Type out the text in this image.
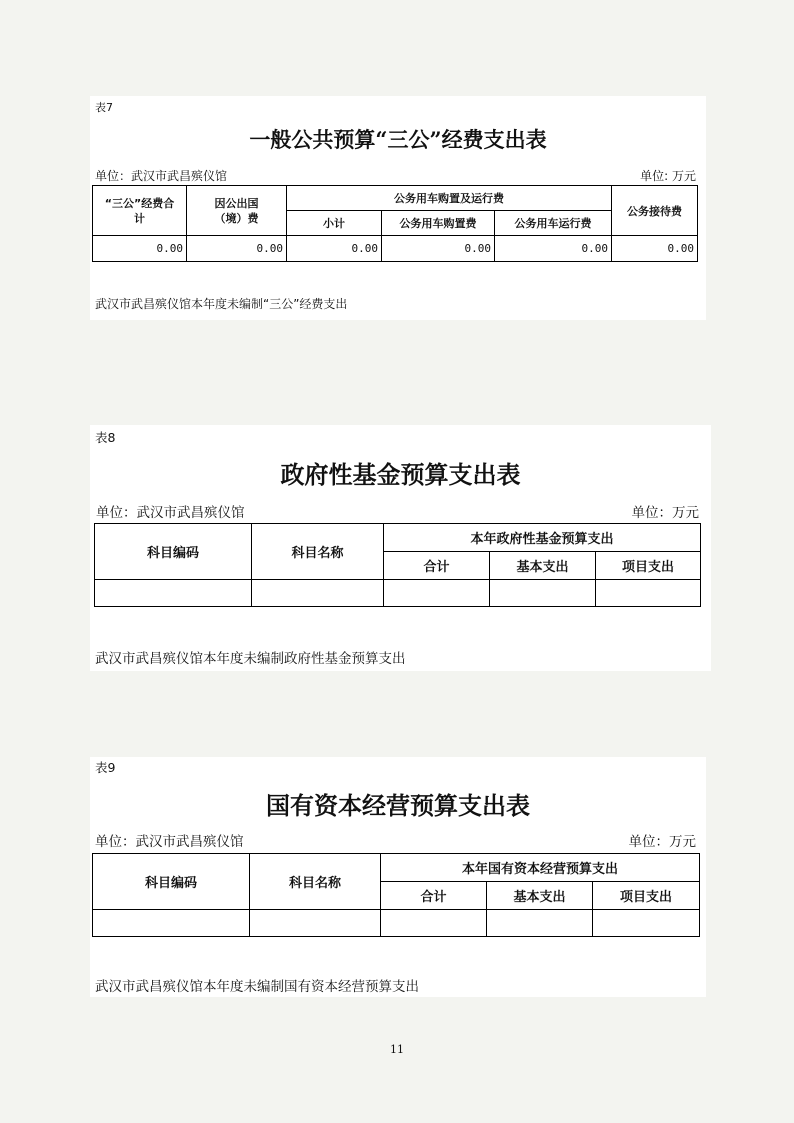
表7
一般公共预算“三公”经费支出表
单位：武汉市武昌殡仪馆	单位: 万元
“三公”经费合计	因公出国（境）费	公务用车购置及运行费			公务接待费
		小计	公务用车购置费	公务用车运行费	
0.00	0.00	0.00	0.00	0.00	0.00
武汉市武昌殡仪馆本年度未编制“三公”经费支出
表8
政府性基金预算支出表
单位：武汉市武昌殡仪馆	单位：万元
科目编码	科目名称	本年政府性基金预算支出		
		合计	基本支出	项目支出

武汉市武昌殡仪馆本年度未编制政府性基金预算支出
表9
国有资本经营预算支出表
单位：武汉市武昌殡仪馆	单位：万元
科目编码	科目名称	本年国有资本经营预算支出		
		合计	基本支出	项目支出

武汉市武昌殡仪馆本年度未编制国有资本经营预算支出
11
